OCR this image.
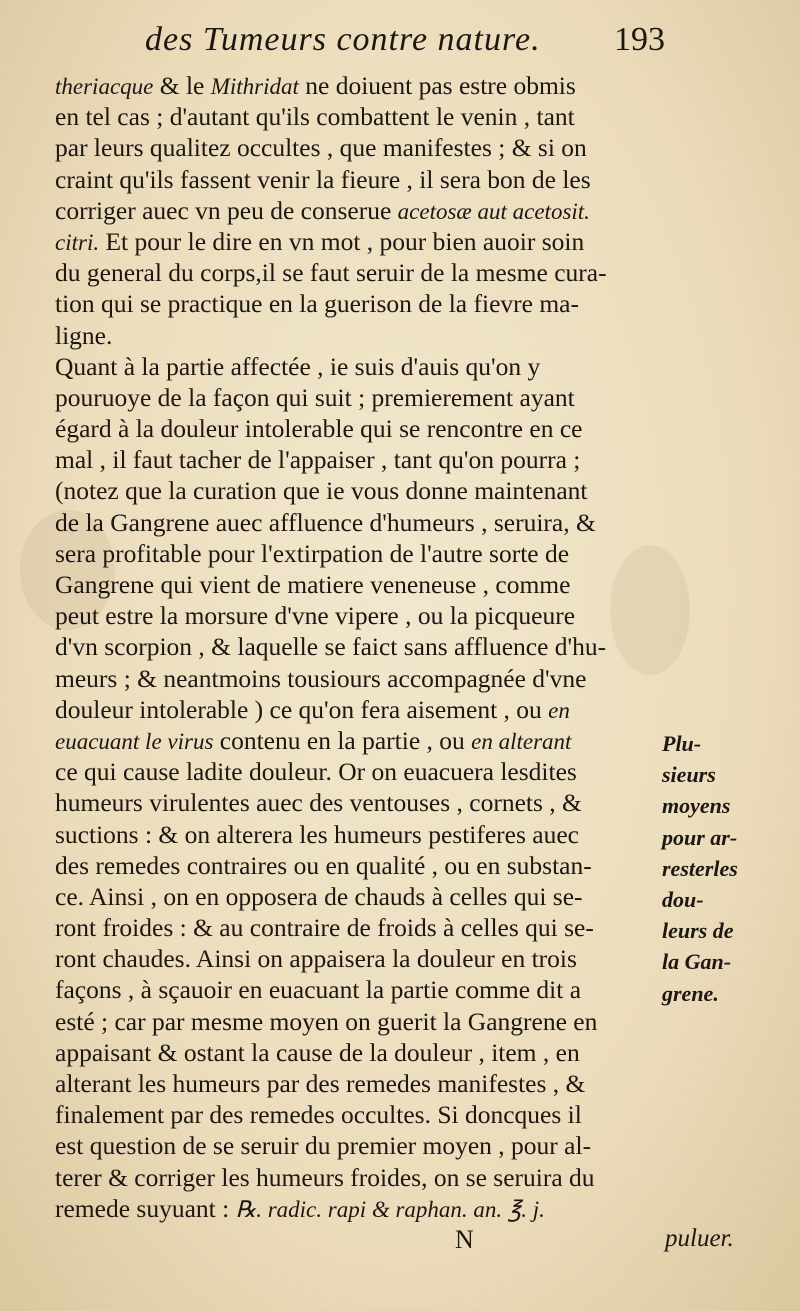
des Tumeurs contre nature. 193
theriacque & le Mithridat ne doiuent pas estre obmis
en tel cas ; d'autant qu'ils combattent le venin , tant
par leurs qualitez occultes , que manifestes ; & si on
craint qu'ils fassent venir la fieure , il sera bon de les
corriger auec vn peu de conserue acetosæ aut acetosit.
citri. Et pour le dire en vn mot , pour bien auoir soin
du general du corps,il se faut seruir de la mesme cura-
tion qui se practique en la guerison de la fievre ma-
ligne.
Quant à la partie affectée , ie suis d'auis qu'on y
pouruoye de la façon qui suit ; premierement ayant
égard à la douleur intolerable qui se rencontre en ce
mal , il faut tacher de l'appaiser , tant qu'on pourra ;
(notez que la curation que ie vous donne maintenant
de la Gangrene auec affluence d'humeurs , seruira, &
sera profitable pour l'extirpation de l'autre sorte de
Gangrene qui vient de matiere veneneuse , comme
peut estre la morsure d'vne vipere , ou la picqueure
d'vn scorpion , & laquelle se faict sans affluence d'hu-
meurs ; & neantmoins tousiours accompagnée d'vne
douleur intolerable ) ce qu'on fera aisement , ou en
euacuant le virus contenu en la partie , ou en alterant
ce qui cause ladite douleur. Or on euacuera lesdites
humeurs virulentes auec des ventouses , cornets , &
suctions : & on alterera les humeurs pestiferes auec
des remedes contraires ou en qualité , ou en substan-
ce. Ainsi , on en opposera de chauds à celles qui se-
ront froides : & au contraire de froids à celles qui se-
ront chaudes. Ainsi on appaisera la douleur en trois
façons , à sçauoir en euacuant la partie comme dit a
esté ; car par mesme moyen on guerit la Gangrene en
appaisant & ostant la cause de la douleur , item , en
alterant les humeurs par des remedes manifestes , &
finalement par des remedes occultes. Si doncques il
est question de se seruir du premier moyen , pour al-
terer & corriger les humeurs froides, on se seruira du
remede suyuant : ℞. radic. rapi & raphan. an. ℥. j.
Plu-
sieurs
moyens
pour ar-
resterles
dou-
leurs de
la Gan-
grene.
N	puluer.
